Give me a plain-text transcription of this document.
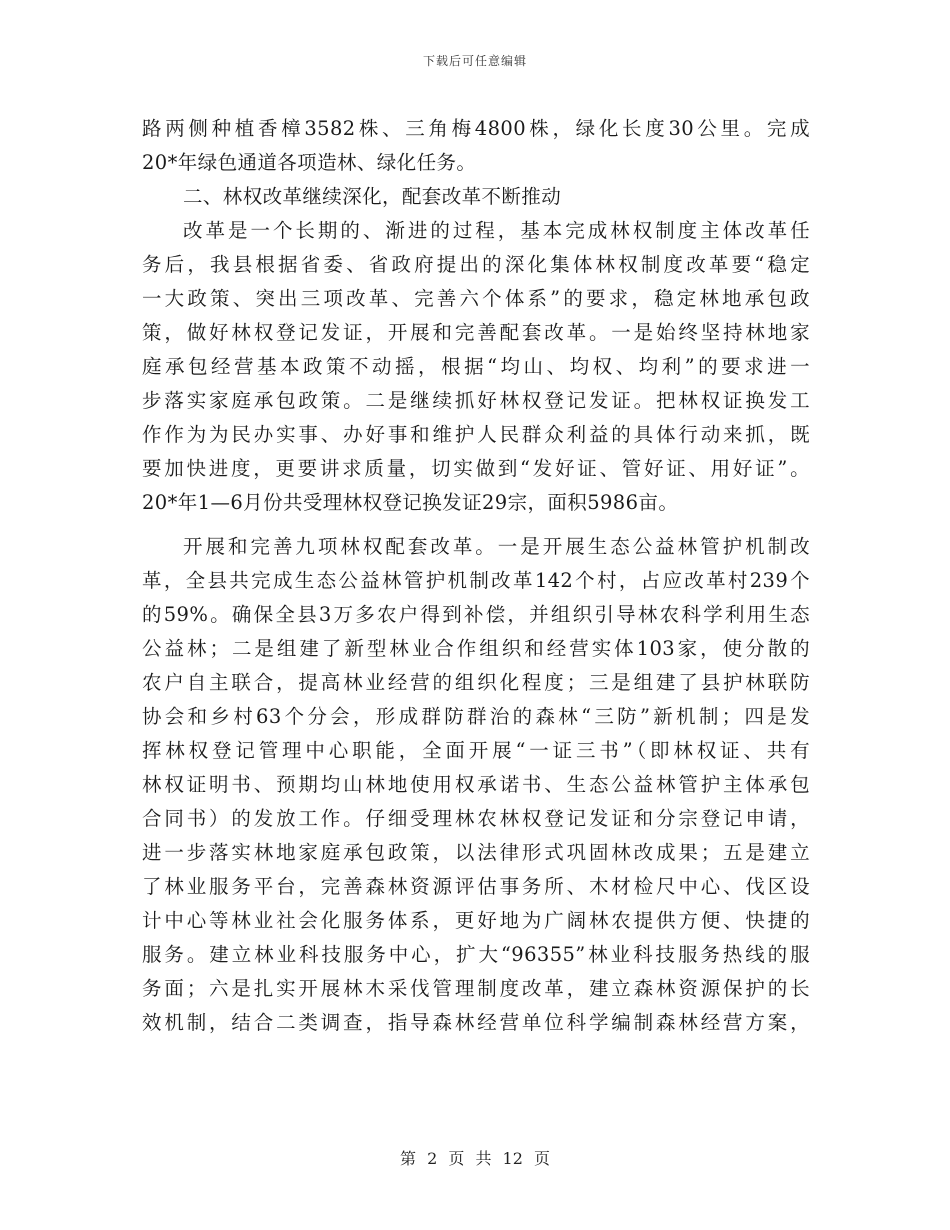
下载后可任意编辑
路两侧种植香樟3582株、三角梅4800株，绿化长度30公里。完成
20*年绿色通道各项造林、绿化任务。
二、林权改革继续深化，配套改革不断推动
改革是一个长期的、渐进的过程，基本完成林权制度主体改革任
务后，我县根据省委、省政府提出的深化集体林权制度改革要“稳定
一大政策、突出三项改革、完善六个体系”的要求，稳定林地承包政
策，做好林权登记发证，开展和完善配套改革。一是始终坚持林地家
庭承包经营基本政策不动摇，根据“均山、均权、均利”的要求进一
步落实家庭承包政策。二是继续抓好林权登记发证。把林权证换发工
作作为为民办实事、办好事和维护人民群众利益的具体行动来抓，既
要加快进度，更要讲求质量，切实做到“发好证、管好证、用好证”。
20*年1—6月份共受理林权登记换发证29宗，面积5986亩。
开展和完善九项林权配套改革。一是开展生态公益林管护机制改
革，全县共完成生态公益林管护机制改革142个村，占应改革村239个
的59%。确保全县3万多农户得到补偿，并组织引导林农科学利用生态
公益林；二是组建了新型林业合作组织和经营实体103家，使分散的
农户自主联合，提高林业经营的组织化程度；三是组建了县护林联防
协会和乡村63个分会，形成群防群治的森林“三防”新机制；四是发
挥林权登记管理中心职能，全面开展“一证三书”（即林权证、共有
林权证明书、预期均山林地使用权承诺书、生态公益林管护主体承包
合同书）的发放工作。仔细受理林农林权登记发证和分宗登记申请，
进一步落实林地家庭承包政策，以法律形式巩固林改成果；五是建立
了林业服务平台，完善森林资源评估事务所、木材检尺中心、伐区设
计中心等林业社会化服务体系，更好地为广阔林农提供方便、快捷的
服务。建立林业科技服务中心，扩大“96355”林业科技服务热线的服
务面；六是扎实开展林木采伐管理制度改革，建立森林资源保护的长
效机制，结合二类调查，指导森林经营单位科学编制森林经营方案，
第 2 页 共 12 页
